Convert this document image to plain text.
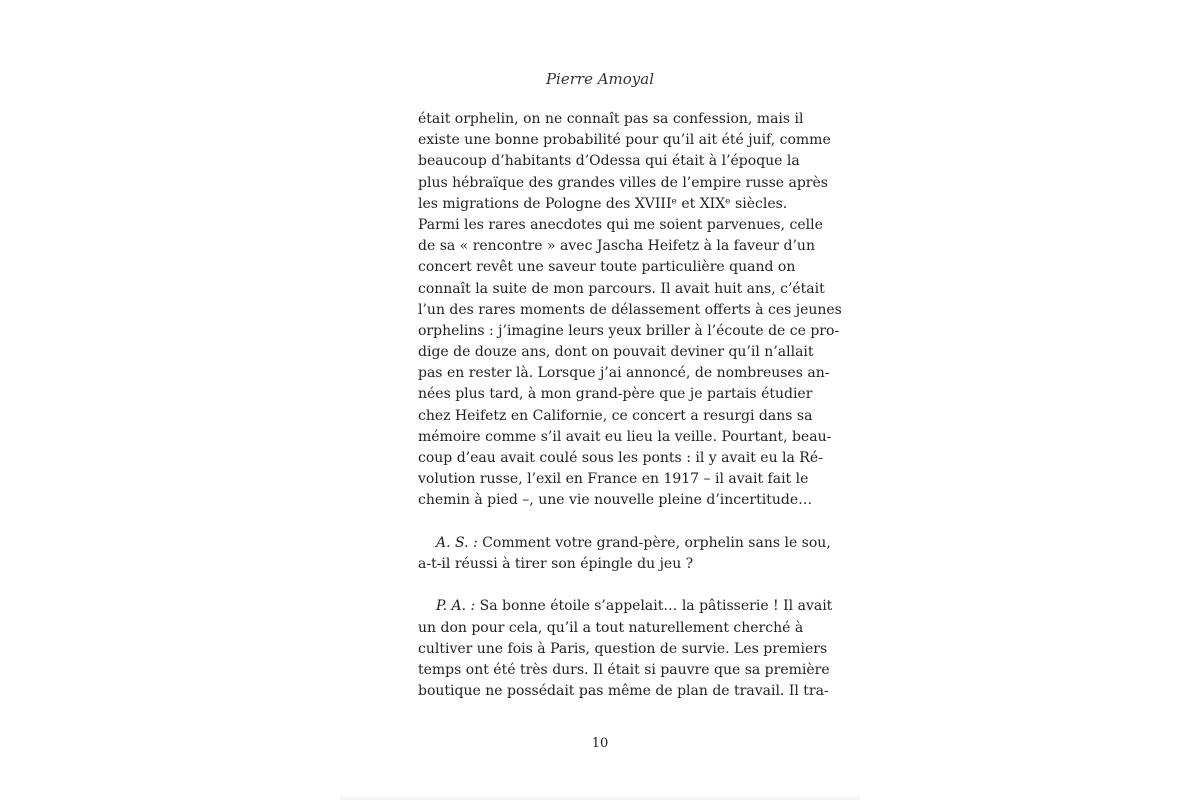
Pierre Amoyal
était orphelin, on ne connaît pas sa confession, mais il
existe une bonne probabilité pour qu’il ait été juif, comme
beaucoup d’habitants d’Odessa qui était à l’époque la
plus hébraïque des grandes villes de l’empire russe après
les migrations de Pologne des XVIIIᵉ et XIXᵉ siècles.
Parmi les rares anecdotes qui me soient parvenues, celle
de sa « rencontre » avec Jascha Heifetz à la faveur d’un
concert revêt une saveur toute particulière quand on
connaît la suite de mon parcours. Il avait huit ans, c’était
l’un des rares moments de délassement offerts à ces jeunes
orphelins : j’imagine leurs yeux briller à l’écoute de ce pro-
dige de douze ans, dont on pouvait deviner qu’il n’allait
pas en rester là. Lorsque j’ai annoncé, de nombreuses an-
nées plus tard, à mon grand-père que je partais étudier
chez Heifetz en Californie, ce concert a resurgi dans sa
mémoire comme s’il avait eu lieu la veille. Pourtant, beau-
coup d’eau avait coulé sous les ponts : il y avait eu la Ré-
volution russe, l’exil en France en 1917 – il avait fait le
chemin à pied –, une vie nouvelle pleine d’incertitude…
A. S. : Comment votre grand-père, orphelin sans le sou,
a-t-il réussi à tirer son épingle du jeu ?
P. A. : Sa bonne étoile s’appelait… la pâtisserie ! Il avait
un don pour cela, qu’il a tout naturellement cherché à
cultiver une fois à Paris, question de survie. Les premiers
temps ont été très durs. Il était si pauvre que sa première
boutique ne possédait pas même de plan de travail. Il tra-
10
